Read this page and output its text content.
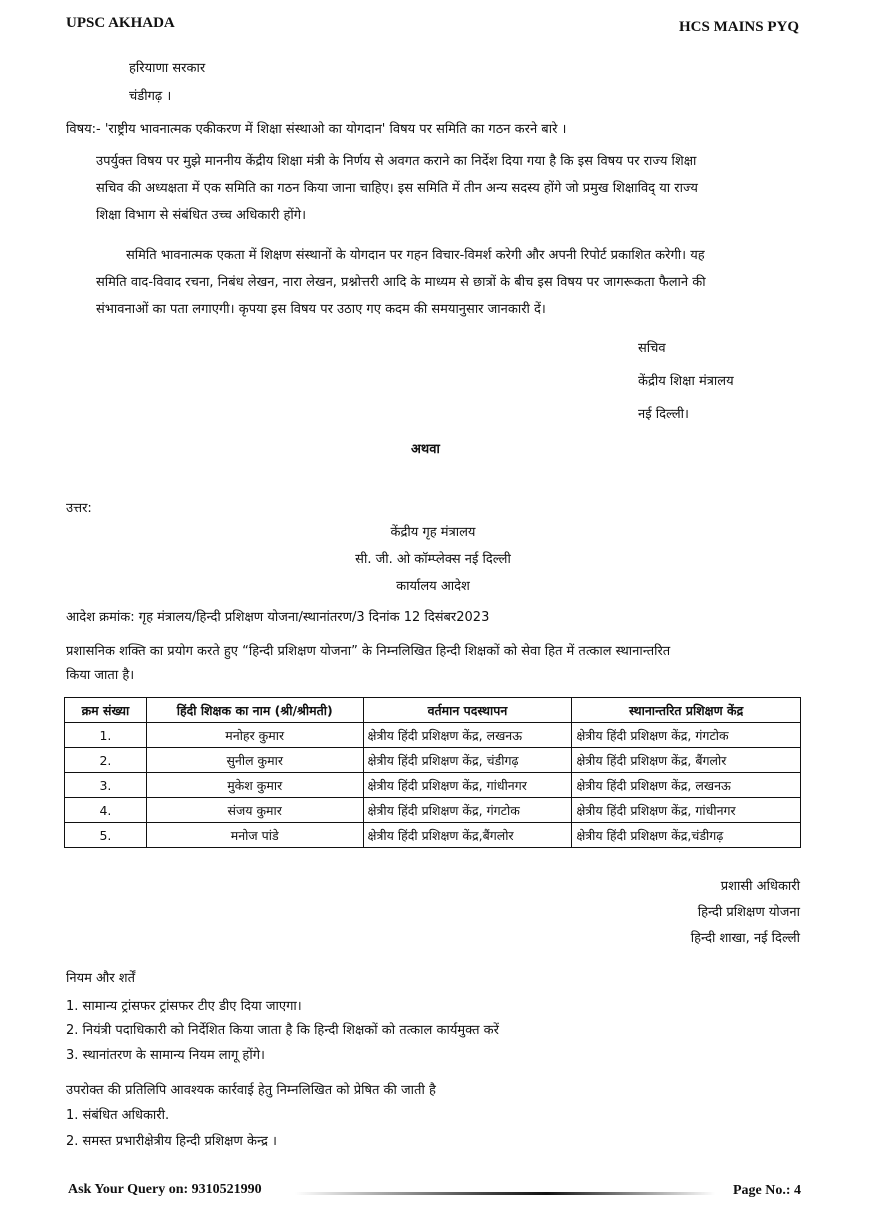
UPSC AKHADA	HCS MAINS PYQ
हरियाणा सरकार
चंडीगढ़ ।
विषय:- 'राष्ट्रीय भावनात्मक एकीकरण में शिक्षा संस्थाओ का योगदान' विषय पर समिति का गठन करने बारे ।
उपर्युक्त विषय पर मुझे माननीय केंद्रीय शिक्षा मंत्री के निर्णय से अवगत कराने का निर्देश दिया गया है कि इस विषय पर राज्य शिक्षा
सचिव की अध्यक्षता में एक समिति का गठन किया जाना चाहिए। इस समिति में तीन अन्य सदस्य होंगे जो प्रमुख शिक्षाविद् या राज्य
शिक्षा विभाग से संबंधित उच्च अधिकारी होंगे।
समिति भावनात्मक एकता में शिक्षण संस्थानों के योगदान पर गहन विचार-विमर्श करेगी और अपनी रिपोर्ट प्रकाशित करेगी। यह
समिति वाद-विवाद रचना, निबंध लेखन, नारा लेखन, प्रश्नोत्तरी आदि के माध्यम से छात्रों के बीच इस विषय पर जागरूकता फैलाने की
संभावनाओं का पता लगाएगी। कृपया इस विषय पर उठाए गए कदम की समयानुसार जानकारी दें।
सचिव
केंद्रीय शिक्षा मंत्रालय
नई दिल्ली।
अथवा
उत्तर:
केंद्रीय गृह मंत्रालय
सी. जी. ओ कॉम्प्लेक्स नई दिल्ली
कार्यालय आदेश
आदेश क्रमांक: गृह मंत्रालय/हिन्दी प्रशिक्षण योजना/स्थानांतरण/3 दिनांक 12 दिसंबर2023
प्रशासनिक शक्ति का प्रयोग करते हुए “हिन्दी प्रशिक्षण योजना” के निम्नलिखित हिन्दी शिक्षकों को सेवा हित में तत्काल स्थानान्तरित
किया जाता है।
क्रम संख्या	हिंदी शिक्षक का नाम (श्री/श्रीमती)	वर्तमान पदस्थापन	स्थानान्तरित प्रशिक्षण केंद्र
1.	मनोहर कुमार	क्षेत्रीय हिंदी प्रशिक्षण केंद्र, लखनऊ	क्षेत्रीय हिंदी प्रशिक्षण केंद्र, गंगटोक
2.	सुनील कुमार	क्षेत्रीय हिंदी प्रशिक्षण केंद्र, चंडीगढ़	क्षेत्रीय हिंदी प्रशिक्षण केंद्र, बैंगलोर
3.	मुकेश कुमार	क्षेत्रीय हिंदी प्रशिक्षण केंद्र, गांधीनगर	क्षेत्रीय हिंदी प्रशिक्षण केंद्र, लखनऊ
4.	संजय कुमार	क्षेत्रीय हिंदी प्रशिक्षण केंद्र, गंगटोक	क्षेत्रीय हिंदी प्रशिक्षण केंद्र, गांधीनगर
5.	मनोज पांडे	क्षेत्रीय हिंदी प्रशिक्षण केंद्र,बैंगलोर	क्षेत्रीय हिंदी प्रशिक्षण केंद्र,चंडीगढ़
प्रशासी अधिकारी
हिन्दी प्रशिक्षण योजना
हिन्दी शाखा, नई दिल्ली
नियम और शर्तें
1. सामान्य ट्रांसफर ट्रांसफर टीए डीए दिया जाएगा।
2. नियंत्री पदाधिकारी को निर्देशित किया जाता है कि हिन्दी शिक्षकों को तत्काल कार्यमुक्त करें
3. स्थानांतरण के सामान्य नियम लागू होंगे।
उपरोक्त की प्रतिलिपि आवश्यक कार्रवाई हेतु निम्नलिखित को प्रेषित की जाती है
1. संबंधित अधिकारी.
2. समस्त प्रभारीक्षेत्रीय हिन्दी प्रशिक्षण केन्द्र ।
Ask Your Query on: 9310521990	Page No.: 4
